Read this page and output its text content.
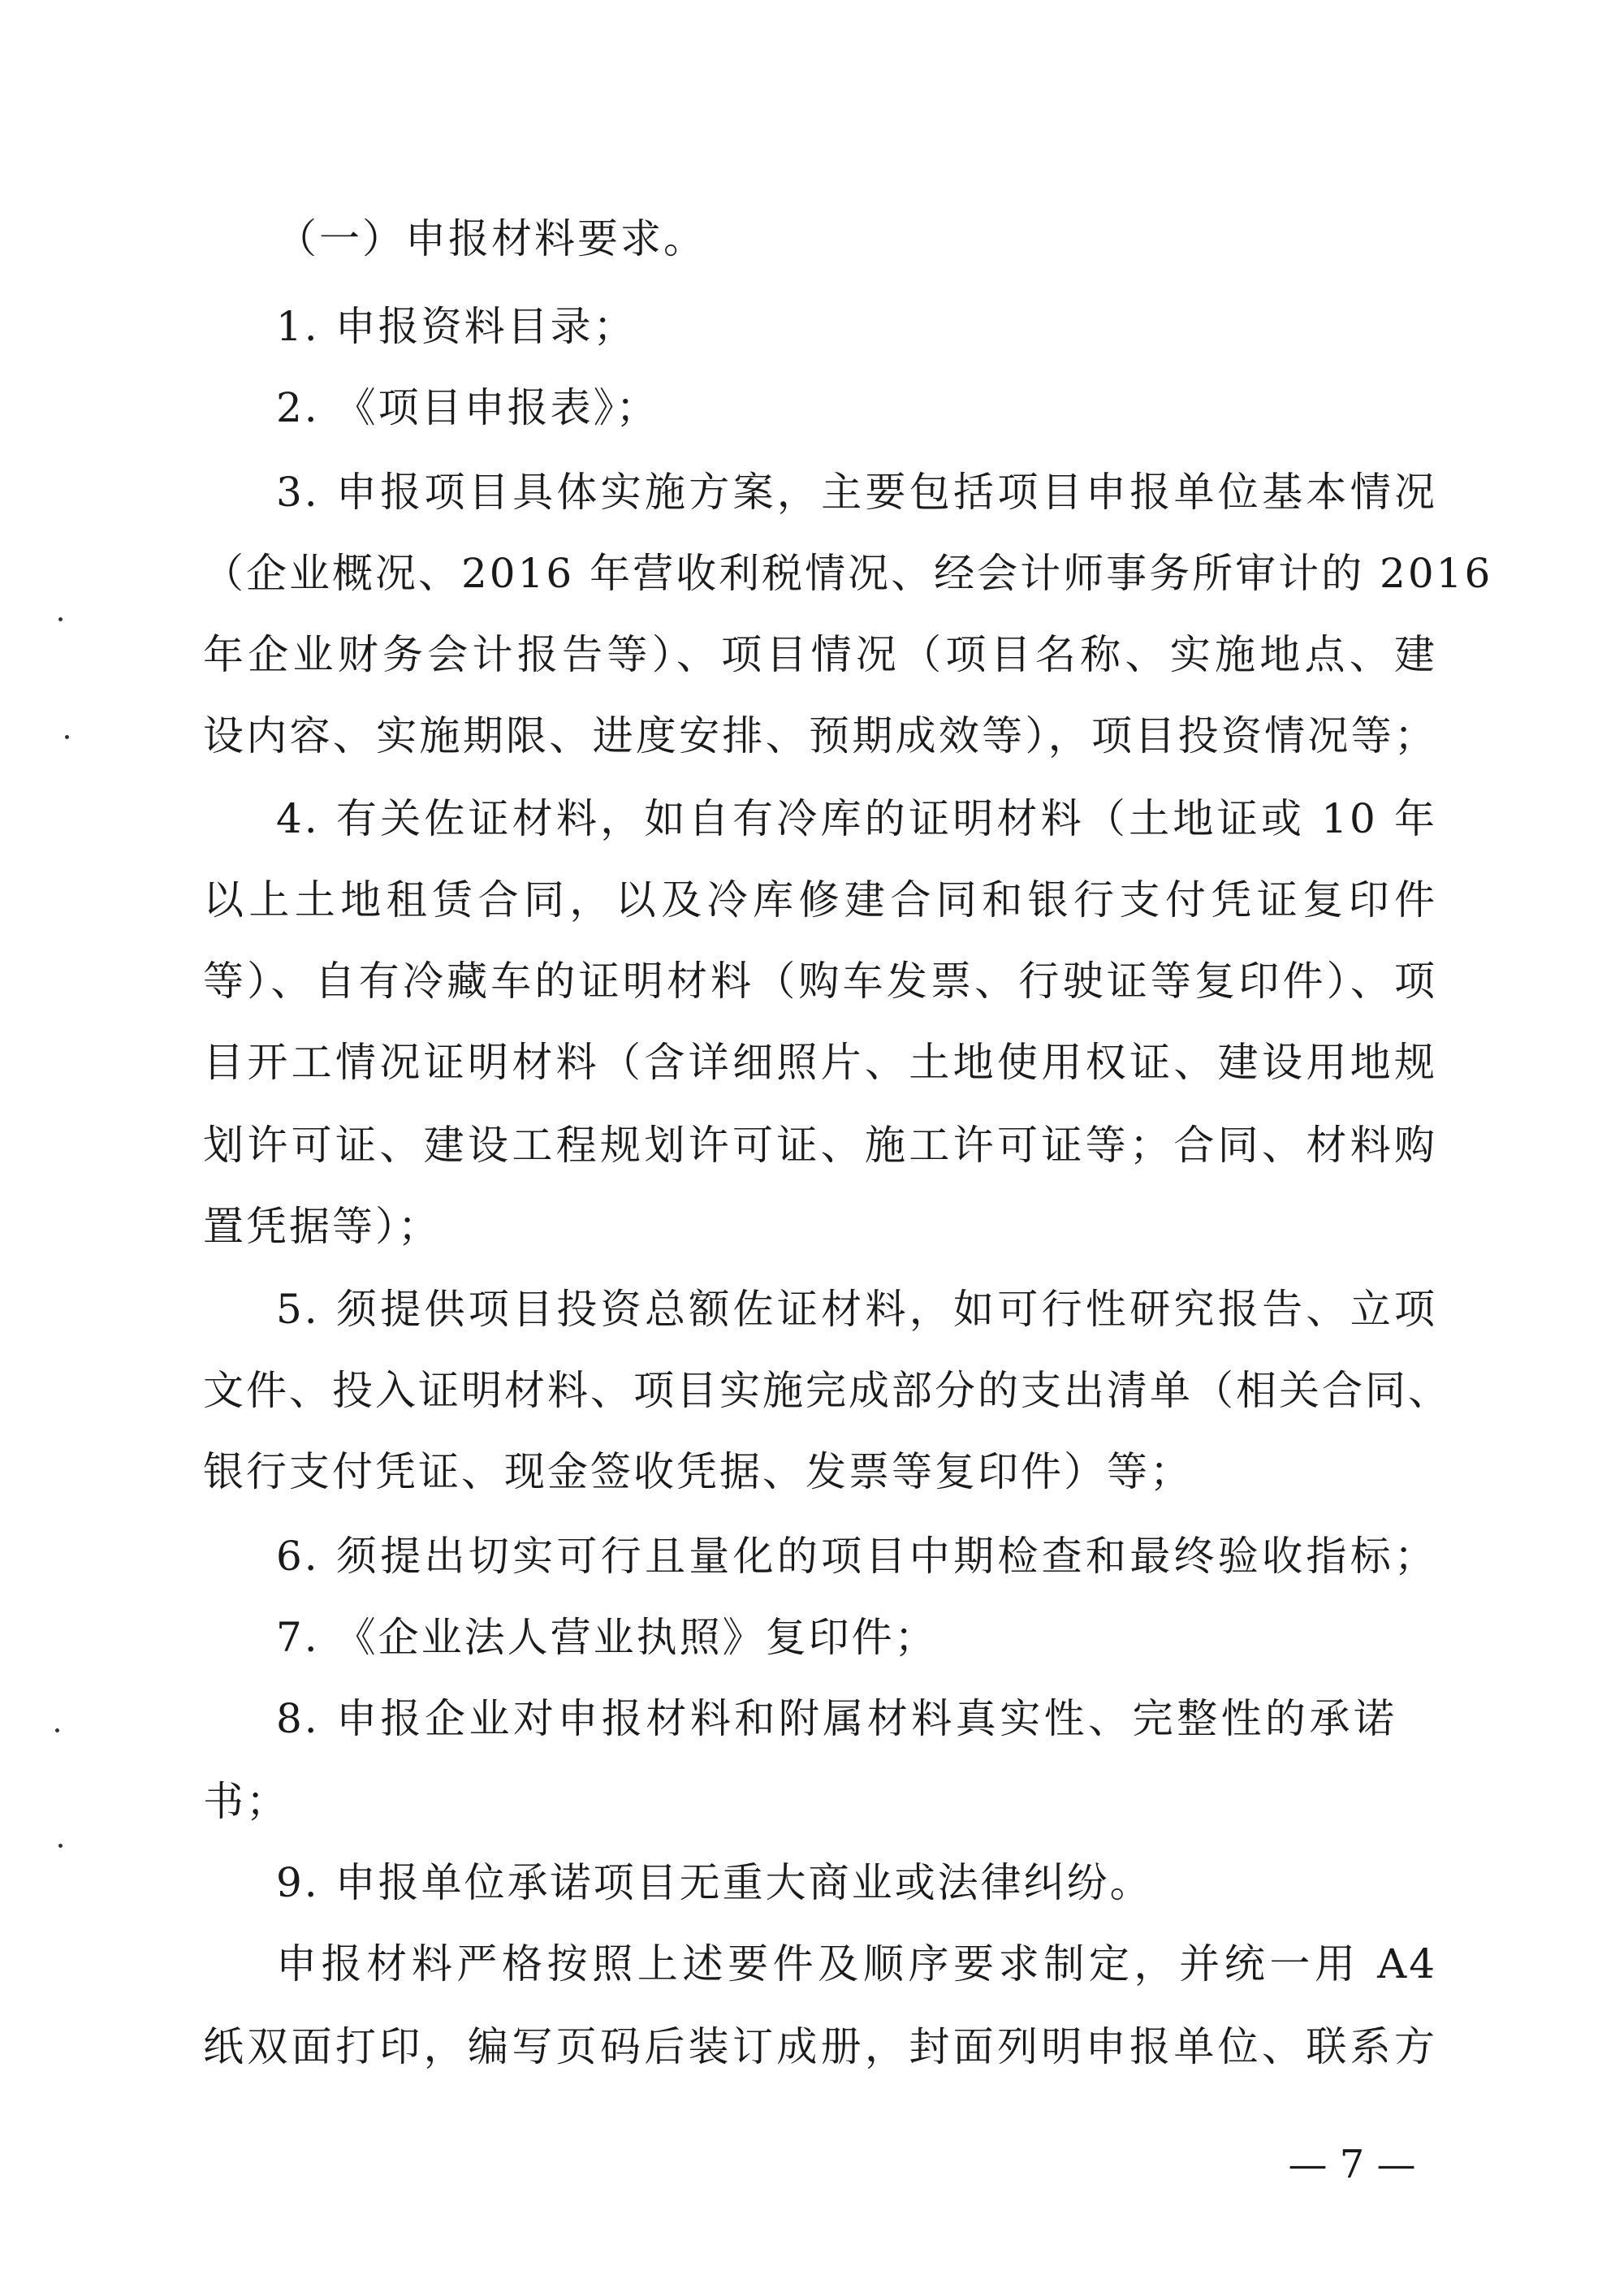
（一）申报材料要求。
1. 申报资料目录；
2. 《项目申报表》；
3. 申报项目具体实施方案，主要包括项目申报单位基本情况
（企业概况、2016 年营收利税情况、经会计师事务所审计的 2016
年企业财务会计报告等）、项目情况（项目名称、实施地点、建
设内容、实施期限、进度安排、预期成效等），项目投资情况等；
4. 有关佐证材料，如自有冷库的证明材料（土地证或 10 年
以上土地租赁合同，以及冷库修建合同和银行支付凭证复印件
等）、自有冷藏车的证明材料（购车发票、行驶证等复印件）、项
目开工情况证明材料（含详细照片、土地使用权证、建设用地规
划许可证、建设工程规划许可证、施工许可证等；合同、材料购
置凭据等）；
5. 须提供项目投资总额佐证材料，如可行性研究报告、立项
文件、投入证明材料、项目实施完成部分的支出清单（相关合同、
银行支付凭证、现金签收凭据、发票等复印件）等；
6. 须提出切实可行且量化的项目中期检查和最终验收指标；
7. 《企业法人营业执照》复印件；
8. 申报企业对申报材料和附属材料真实性、完整性的承诺
书；
9. 申报单位承诺项目无重大商业或法律纠纷。
申报材料严格按照上述要件及顺序要求制定，并统一用 A4
纸双面打印，编写页码后装订成册，封面列明申报单位、联系方
— 7 —
